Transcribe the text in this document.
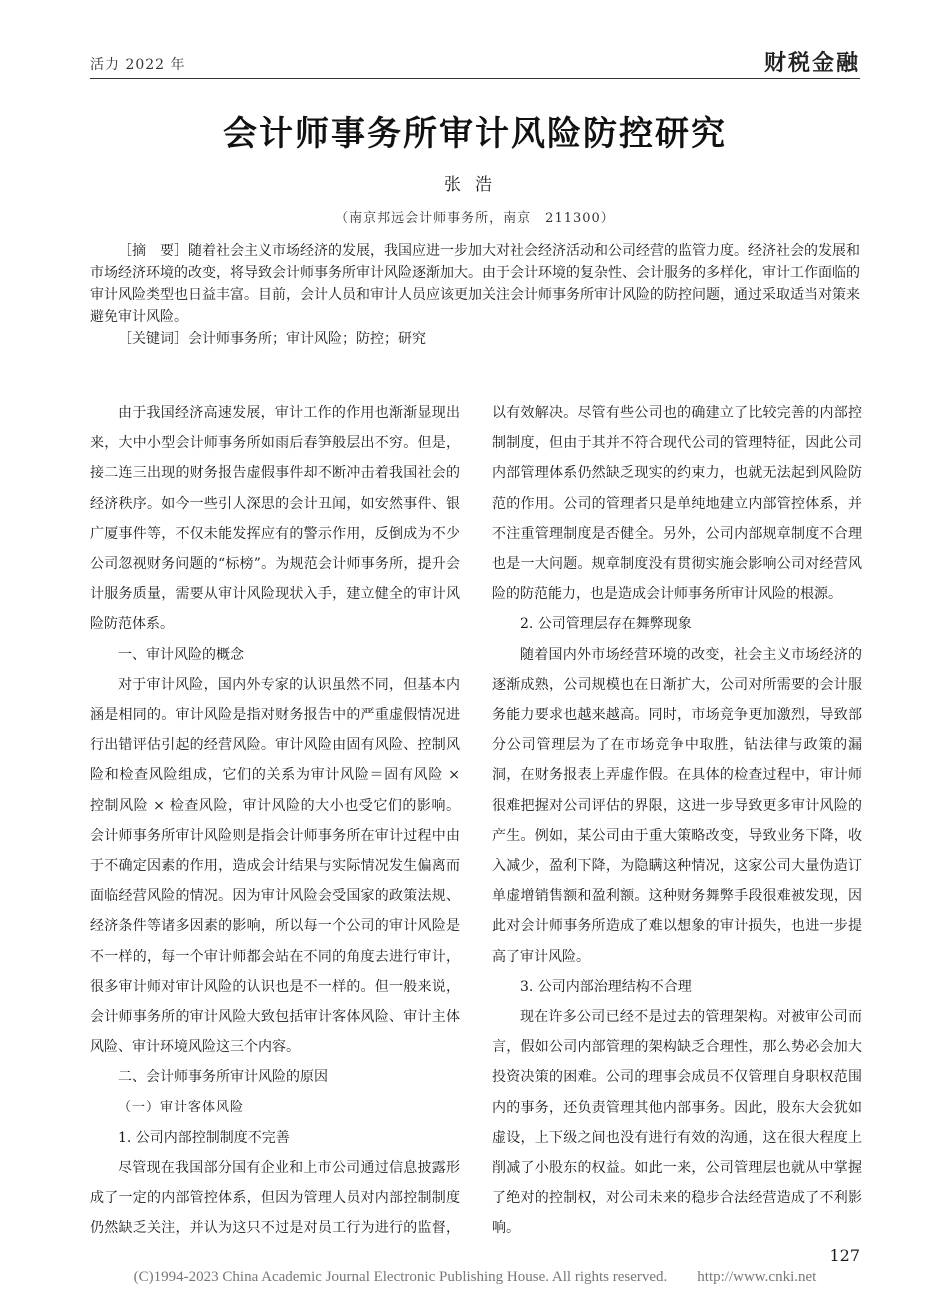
活力 2022 年	财税金融
会计师事务所审计风险防控研究
张浩
（南京邦远会计师事务所，南京　211300）

［摘　要］随着社会主义市场经济的发展，我国应进一步加大对社会经济活动和公司经营的监管力度。经济社会的发展和市场经济环境的改变，将导致会计师事务所审计风险逐渐加大。由于会计环境的复杂性、会计服务的多样化，审计工作面临的审计风险类型也日益丰富。目前，会计人员和审计人员应该更加关注会计师事务所审计风险的防控问题，通过采取适当对策来避免审计风险。

［关键词］会计师事务所；审计风险；防控；研究

由于我国经济高速发展，审计工作的作用也渐渐显现出来，大中小型会计师事务所如雨后春笋般层出不穷。但是，接二连三出现的财务报告虚假事件却不断冲击着我国社会的经济秩序。如今一些引人深思的会计丑闻，如安然事件、银广厦事件等，不仅未能发挥应有的警示作用，反倒成为不少公司忽视财务问题的“标榜”。为规范会计师事务所，提升会计服务质量，需要从审计风险现状入手，建立健全的审计风险防范体系。

一、审计风险的概念

对于审计风险，国内外专家的认识虽然不同，但基本内涵是相同的。审计风险是指对财务报告中的严重虚假情况进行出错评估引起的经营风险。审计风险由固有风险、控制风险和检查风险组成，它们的关系为审计风险＝固有风险 × 控制风险 × 检查风险，审计风险的大小也受它们的影响。会计师事务所审计风险则是指会计师事务所在审计过程中由于不确定因素的作用，造成会计结果与实际情况发生偏离而面临经营风险的情况。因为审计风险会受国家的政策法规、经济条件等诸多因素的影响，所以每一个公司的审计风险是不一样的，每一个审计师都会站在不同的角度去进行审计，很多审计师对审计风险的认识也是不一样的。但一般来说，会计师事务所的审计风险大致包括审计客体风险、审计主体风险、审计环境风险这三个内容。

二、会计师事务所审计风险的原因

（一）审计客体风险

1. 公司内部控制制度不完善

尽管现在我国部分国有企业和上市公司通过信息披露形成了一定的内部管控体系，但因为管理人员对内部控制制度仍然缺乏关注，并认为这只不过是对员工行为进行的监督，

以有效解决。尽管有些公司也的确建立了比较完善的内部控制制度，但由于其并不符合现代公司的管理特征，因此公司内部管理体系仍然缺乏现实的约束力，也就无法起到风险防范的作用。公司的管理者只是单纯地建立内部管控体系，并不注重管理制度是否健全。另外，公司内部规章制度不合理也是一大问题。规章制度没有贯彻实施会影响公司对经营风险的防范能力，也是造成会计师事务所审计风险的根源。

2. 公司管理层存在舞弊现象

随着国内外市场经营环境的改变，社会主义市场经济的逐渐成熟，公司规模也在日渐扩大，公司对所需要的会计服务能力要求也越来越高。同时，市场竞争更加激烈，导致部分公司管理层为了在市场竞争中取胜，钻法律与政策的漏洞，在财务报表上弄虚作假。在具体的检查过程中，审计师很难把握对公司评估的界限，这进一步导致更多审计风险的产生。例如，某公司由于重大策略改变，导致业务下降，收入减少，盈利下降，为隐瞒这种情况，这家公司大量伪造订单虚增销售额和盈利额。这种财务舞弊手段很难被发现，因此对会计师事务所造成了难以想象的审计损失，也进一步提高了审计风险。

3. 公司内部治理结构不合理

现在许多公司已经不是过去的管理架构。对被审公司而言，假如公司内部管理的架构缺乏合理性，那么势必会加大投资决策的困难。公司的理事会成员不仅管理自身职权范围内的事务，还负责管理其他内部事务。因此，股东大会犹如虚设，上下级之间也没有进行有效的沟通，这在很大程度上削减了小股东的权益。如此一来，公司管理层也就从中掌握了绝对的控制权，对公司未来的稳步合法经营造成了不利影响。

127
(C)1994-2023 China Academic Journal Electronic Publishing House. All rights reserved.　　http://www.cnki.net
